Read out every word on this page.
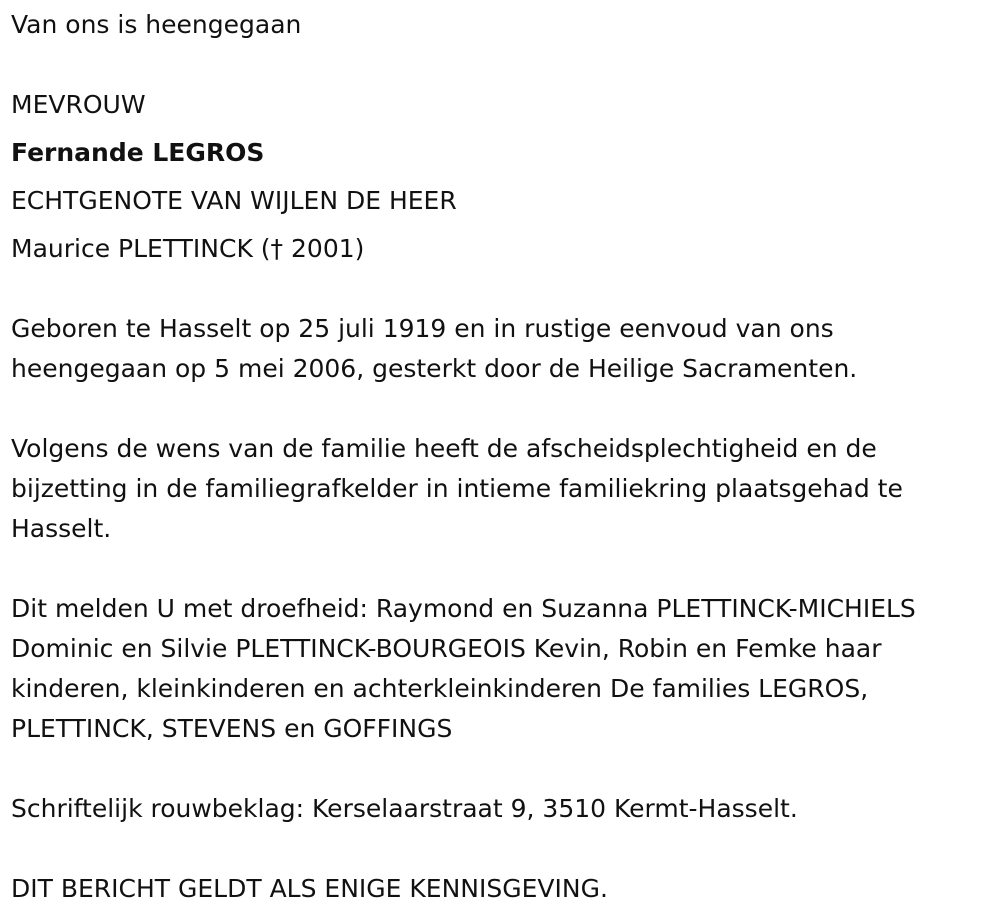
Van ons is heengegaan
MEVROUW
Fernande LEGROS
ECHTGENOTE VAN WIJLEN DE HEER
Maurice PLETTINCK († 2001)
Geboren te Hasselt op 25 juli 1919 en in rustige eenvoud van ons
heengegaan op 5 mei 2006, gesterkt door de Heilige Sacramenten.
Volgens de wens van de familie heeft de afscheidsplechtigheid en de
bijzetting in de familiegrafkelder in intieme familiekring plaatsgehad te
Hasselt.
Dit melden U met droefheid: Raymond en Suzanna PLETTINCK-MICHIELS
Dominic en Silvie PLETTINCK-BOURGEOIS Kevin, Robin en Femke haar
kinderen, kleinkinderen en achterkleinkinderen De families LEGROS,
PLETTINCK, STEVENS en GOFFINGS
Schriftelijk rouwbeklag: Kerselaarstraat 9, 3510 Kermt-Hasselt.
DIT BERICHT GELDT ALS ENIGE KENNISGEVING.
